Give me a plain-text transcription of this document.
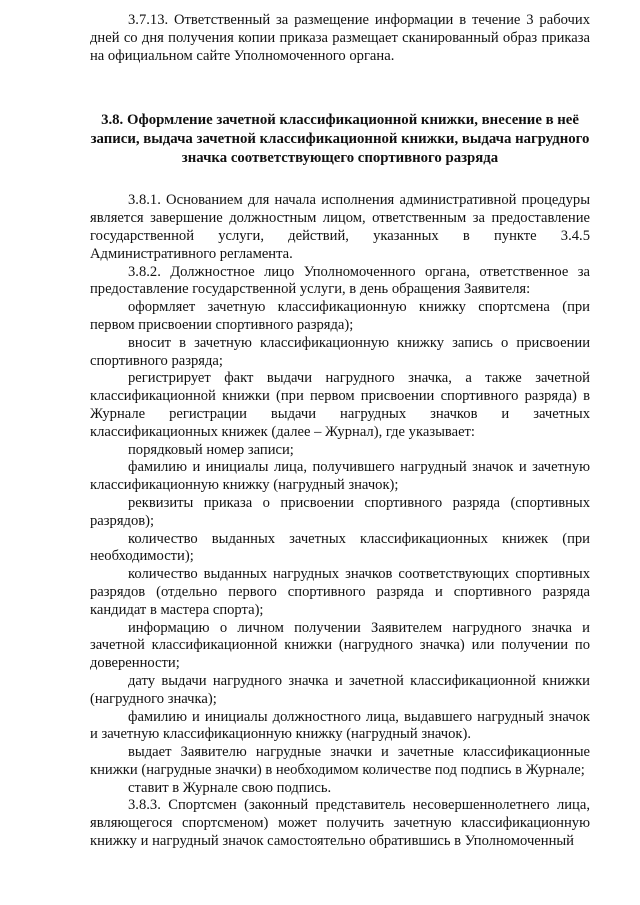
3.7.13. Ответственный за размещение информации в течение 3 рабочих дней со дня получения копии приказа размещает сканированный образ приказа на официальном сайте Уполномоченного органа.

3.8. Оформление зачетной классификационной книжки, внесение в неё записи, выдача зачетной классификационной книжки, выдача нагрудного значка соответствующего спортивного разряда

3.8.1. Основанием для начала исполнения административной процедуры является завершение должностным лицом, ответственным за предоставление государственной услуги, действий, указанных в пункте 3.4.5 Административного регламента.

3.8.2. Должностное лицо Уполномоченного органа, ответственное за предоставление государственной услуги, в день обращения Заявителя:

оформляет зачетную классификационную книжку спортсмена (при первом присвоении спортивного разряда);

вносит в зачетную классификационную книжку запись о присвоении спортивного разряда;

регистрирует факт выдачи нагрудного значка, а также зачетной классификационной книжки (при первом присвоении спортивного разряда) в Журнале регистрации выдачи нагрудных значков и зачетных классификационных книжек (далее – Журнал), где указывает:

порядковый номер записи;

фамилию и инициалы лица, получившего нагрудный значок и зачетную классификационную книжку (нагрудный значок);

реквизиты приказа о присвоении спортивного разряда (спортивных разрядов);

количество выданных зачетных классификационных книжек (при необходимости);

количество выданных нагрудных значков соответствующих спортивных разрядов (отдельно первого спортивного разряда и спортивного разряда кандидат в мастера спорта);

информацию о личном получении Заявителем нагрудного значка и зачетной классификационной книжки (нагрудного значка) или получении по доверенности;

дату выдачи нагрудного значка и зачетной классификационной книжки (нагрудного значка);

фамилию и инициалы должностного лица, выдавшего нагрудный значок и зачетную классификационную книжку (нагрудный значок).

выдает Заявителю нагрудные значки и зачетные классификационные книжки (нагрудные значки) в необходимом количестве под подпись в Журнале;

ставит в Журнале свою подпись.

3.8.3. Спортсмен (законный представитель несовершеннолетнего лица, являющегося спортсменом) может получить зачетную классификационную книжку и нагрудный значок самостоятельно обратившись в Уполномоченный
